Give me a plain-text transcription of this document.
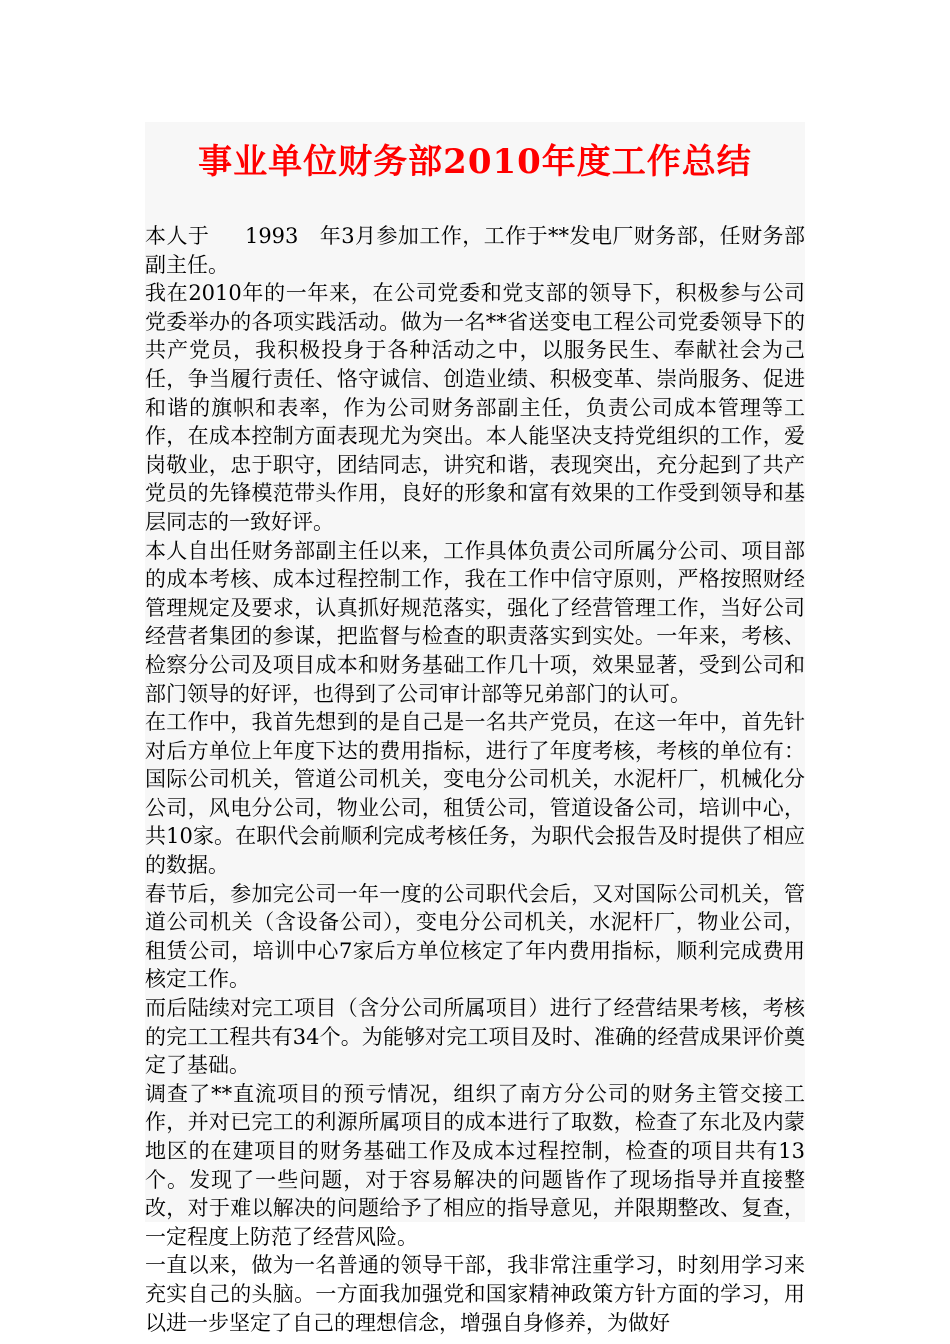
事业单位财务部2010年度工作总结

本人于     1993   年3月参加工作，工作于**发电厂财务部，任财务部副主任。

我在2010年的一年来，在公司党委和党支部的领导下，积极参与公司党委举办的各项实践活动。做为一名**省送变电工程公司党委领导下的共产党员，我积极投身于各种活动之中，以服务民生、奉献社会为己任，争当履行责任、恪守诚信、创造业绩、积极变革、崇尚服务、促进和谐的旗帜和表率，作为公司财务部副主任，负责公司成本管理等工作，在成本控制方面表现尤为突出。本人能坚决支持党组织的工作，爱岗敬业，忠于职守，团结同志，讲究和谐，表现突出，充分起到了共产党员的先锋模范带头作用，良好的形象和富有效果的工作受到领导和基层同志的一致好评。

本人自出任财务部副主任以来，工作具体负责公司所属分公司、项目部的成本考核、成本过程控制工作，我在工作中信守原则，严格按照财经管理规定及要求，认真抓好规范落实，强化了经营管理工作，当好公司经营者集团的参谋，把监督与检查的职责落实到实处。一年来，考核、检察分公司及项目成本和财务基础工作几十项，效果显著，受到公司和部门领导的好评，也得到了公司审计部等兄弟部门的认可。

在工作中，我首先想到的是自己是一名共产党员，在这一年中，首先针对后方单位上年度下达的费用指标，进行了年度考核，考核的单位有：国际公司机关，管道公司机关，变电分公司机关，水泥杆厂，机械化分公司，风电分公司，物业公司，租赁公司，管道设备公司，培训中心，共10家。在职代会前顺利完成考核任务，为职代会报告及时提供了相应的数据。

春节后，参加完公司一年一度的公司职代会后，又对国际公司机关，管道公司机关（含设备公司），变电分公司机关，水泥杆厂，物业公司，租赁公司，培训中心7家后方单位核定了年内费用指标，顺利完成费用核定工作。

而后陆续对完工项目（含分公司所属项目）进行了经营结果考核，考核的完工工程共有34个。为能够对完工项目及时、准确的经营成果评价奠定了基础。

调查了**直流项目的预亏情况，组织了南方分公司的财务主管交接工作，并对已完工的利源所属项目的成本进行了取数，检查了东北及内蒙地区的在建项目的财务基础工作及成本过程控制，检查的项目共有13个。发现了一些问题，对于容易解决的问题皆作了现场指导并直接整改，对于难以解决的问题给予了相应的指导意见，并限期整改、复查，一定程度上防范了经营风险。

一直以来，做为一名普通的领导干部，我非常注重学习，时刻用学习来充实自己的头脑。一方面我加强党和国家精神政策方针方面的学习，用以进一步坚定了自己的理想信念，增强自身修养，为做好
